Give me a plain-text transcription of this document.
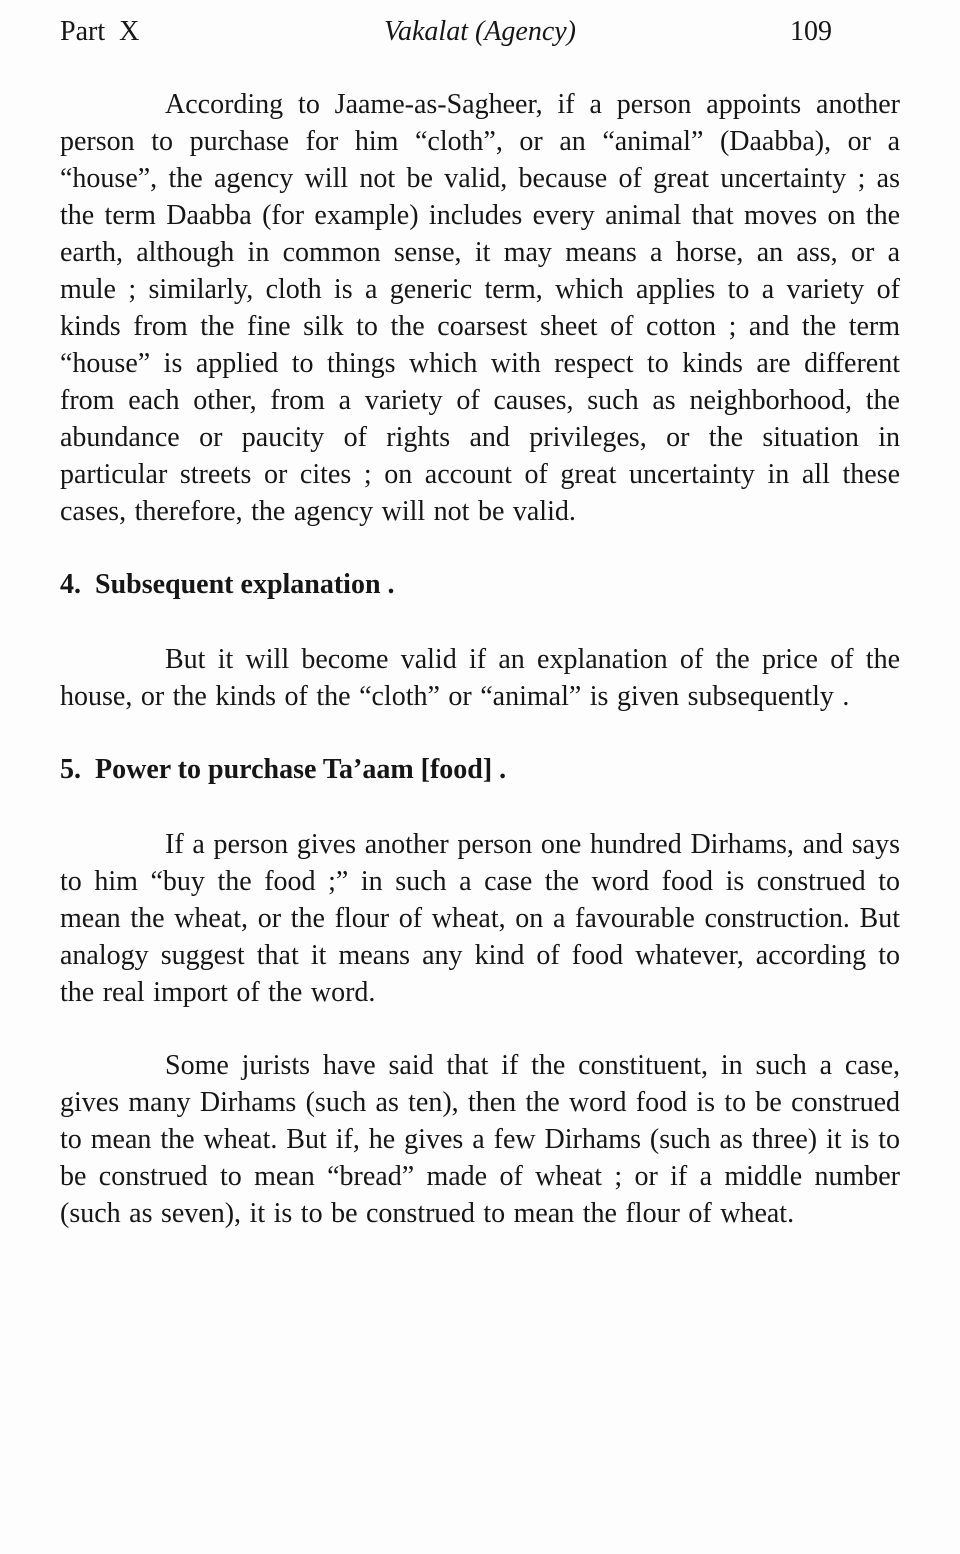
Part  X	Vakalat (Agency)	109

According to Jaame-as-Sagheer, if a person appoints another person to purchase for him “cloth”, or an “animal” (Daabba), or a “house”, the agency will not be valid, because of great uncertainty ; as the term Daabba (for example) includes every animal that moves on the earth, although in common sense, it may means a horse, an ass, or a mule ; similarly, cloth is a generic term, which applies to a variety of kinds from the fine silk to the coarsest sheet of cotton ; and the term “house” is applied to things which with respect to kinds are different from each other, from a variety of causes, such as neighborhood, the abundance or paucity of rights and privileges, or the situation in particular streets or cites ; on account of great uncertainty in all these cases, therefore, the agency will not be valid.

4.  Subsequent explanation .

But it will become valid if an explanation of the price of the house, or the kinds of the “cloth” or “animal” is given subsequently .

5.  Power to purchase Ta’aam [food] .

If a person gives another person one hundred Dirhams, and says to him “buy the food ;” in such a case the word food is construed to mean the wheat, or the flour of wheat, on a favourable construction. But analogy suggest that it means any kind of food whatever, according to the real import of the word.

Some jurists have said that if the constituent, in such a case, gives many Dirhams (such as ten), then the word food is to be construed to mean the wheat. But if, he gives a few Dirhams (such as three) it is to be construed to mean “bread” made of wheat ; or if a middle number (such as seven), it is to be construed to mean the flour of wheat.
